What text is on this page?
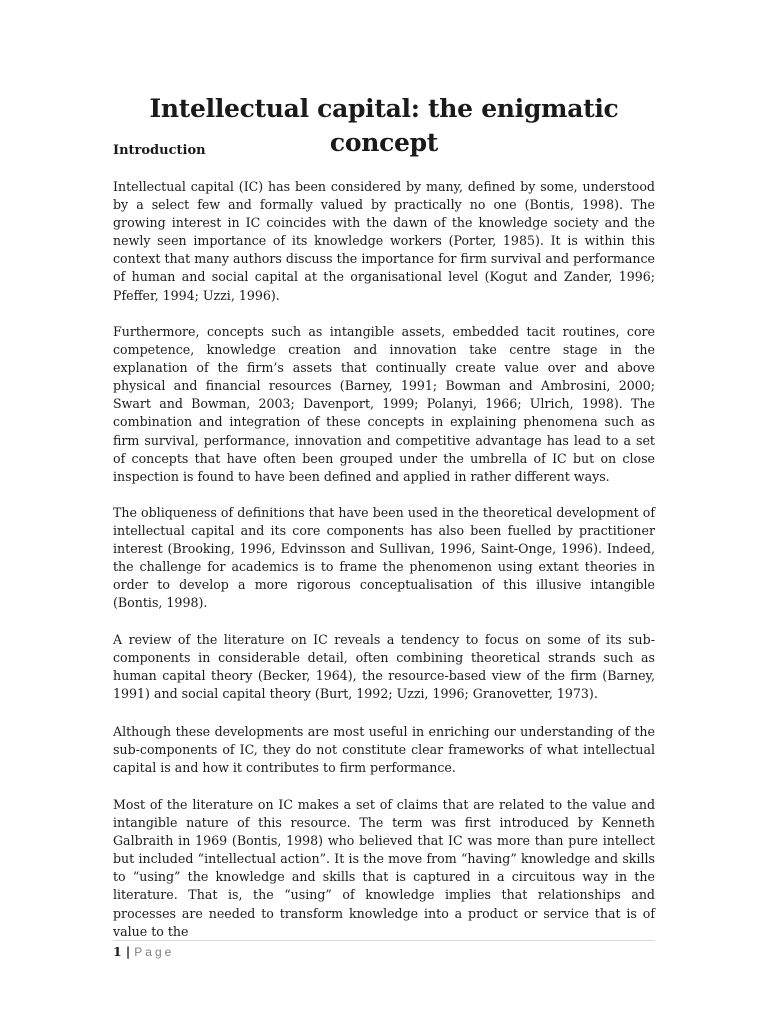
Intellectual capital: the enigmatic concept
Introduction

Intellectual capital (IC) has been considered by many, defined by some, understood by a select few and formally valued by practically no one (Bontis, 1998). The growing interest in IC coincides with the dawn of the knowledge society and the newly seen importance of its knowledge workers (Porter, 1985). It is within this context that many authors discuss the importance for firm survival and performance of human and social capital at the organisational level (Kogut and Zander, 1996; Pfeffer, 1994; Uzzi, 1996).

Furthermore, concepts such as intangible assets, embedded tacit routines, core competence, knowledge creation and innovation take centre stage in the explanation of the firm’s assets that continually create value over and above physical and financial resources (Barney, 1991; Bowman and Ambrosini, 2000; Swart and Bowman, 2003; Davenport, 1999; Polanyi, 1966; Ulrich, 1998). The combination and integration of these concepts in explaining phenomena such as firm survival, performance, innovation and competitive advantage has lead to a set of concepts that have often been grouped under the umbrella of IC but on close inspection is found to have been defined and applied in rather different ways.

The obliqueness of definitions that have been used in the theoretical development of intellectual capital and its core components has also been fuelled by practitioner interest (Brooking, 1996, Edvinsson and Sullivan, 1996, Saint-Onge, 1996). Indeed, the challenge for academics is to frame the phenomenon using extant theories in order to develop a more rigorous conceptualisation of this illusive intangible (Bontis, 1998).

A review of the literature on IC reveals a tendency to focus on some of its sub-components in considerable detail, often combining theoretical strands such as human capital theory (Becker, 1964), the resource-based view of the firm (Barney, 1991) and social capital theory (Burt, 1992; Uzzi, 1996; Granovetter, 1973).

Although these developments are most useful in enriching our understanding of the sub-components of IC, they do not constitute clear frameworks of what intellectual capital is and how it contributes to firm performance.

Most of the literature on IC makes a set of claims that are related to the value and intangible nature of this resource. The term was first introduced by Kenneth Galbraith in 1969 (Bontis, 1998) who believed that IC was more than pure intellect but included “intellectual action”. It is the move from “having” knowledge and skills to “using” the knowledge and skills that is captured in a circuitous way in the literature. That is, the “using” of knowledge implies that relationships and processes are needed to transform knowledge into a product or service that is of value to the

1 | Page
